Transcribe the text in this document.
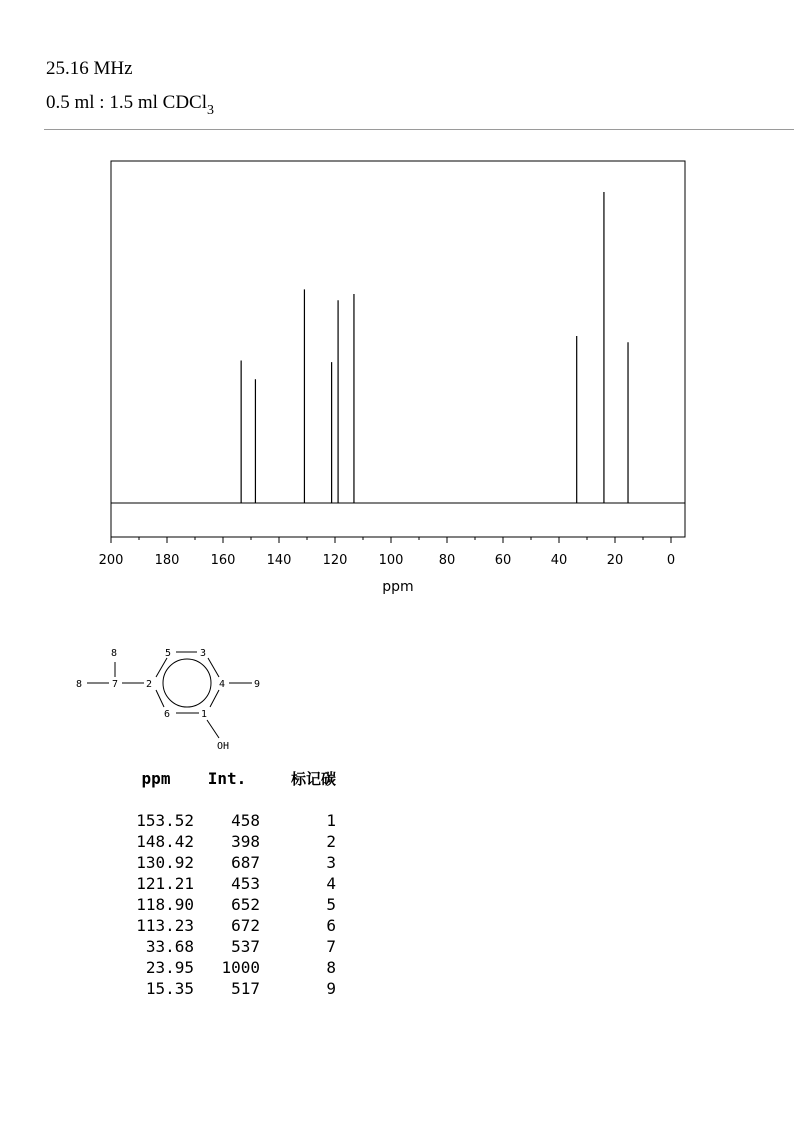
25.16 MHz
0.5 ml : 1.5 ml CDCl$_3$
200 180 160 140 120 100	80	60	40	20	0
ppm
8
8	7	2
5	3
6	1
4	9
OH
ppm	Int.	标记碳

153.52	458	1
148.42	398	2
130.92	687	3
121.21	453	4
118.90	652	5
113.23	672	6
33.68	537	7
23.95	1000	8
15.35	517	9
